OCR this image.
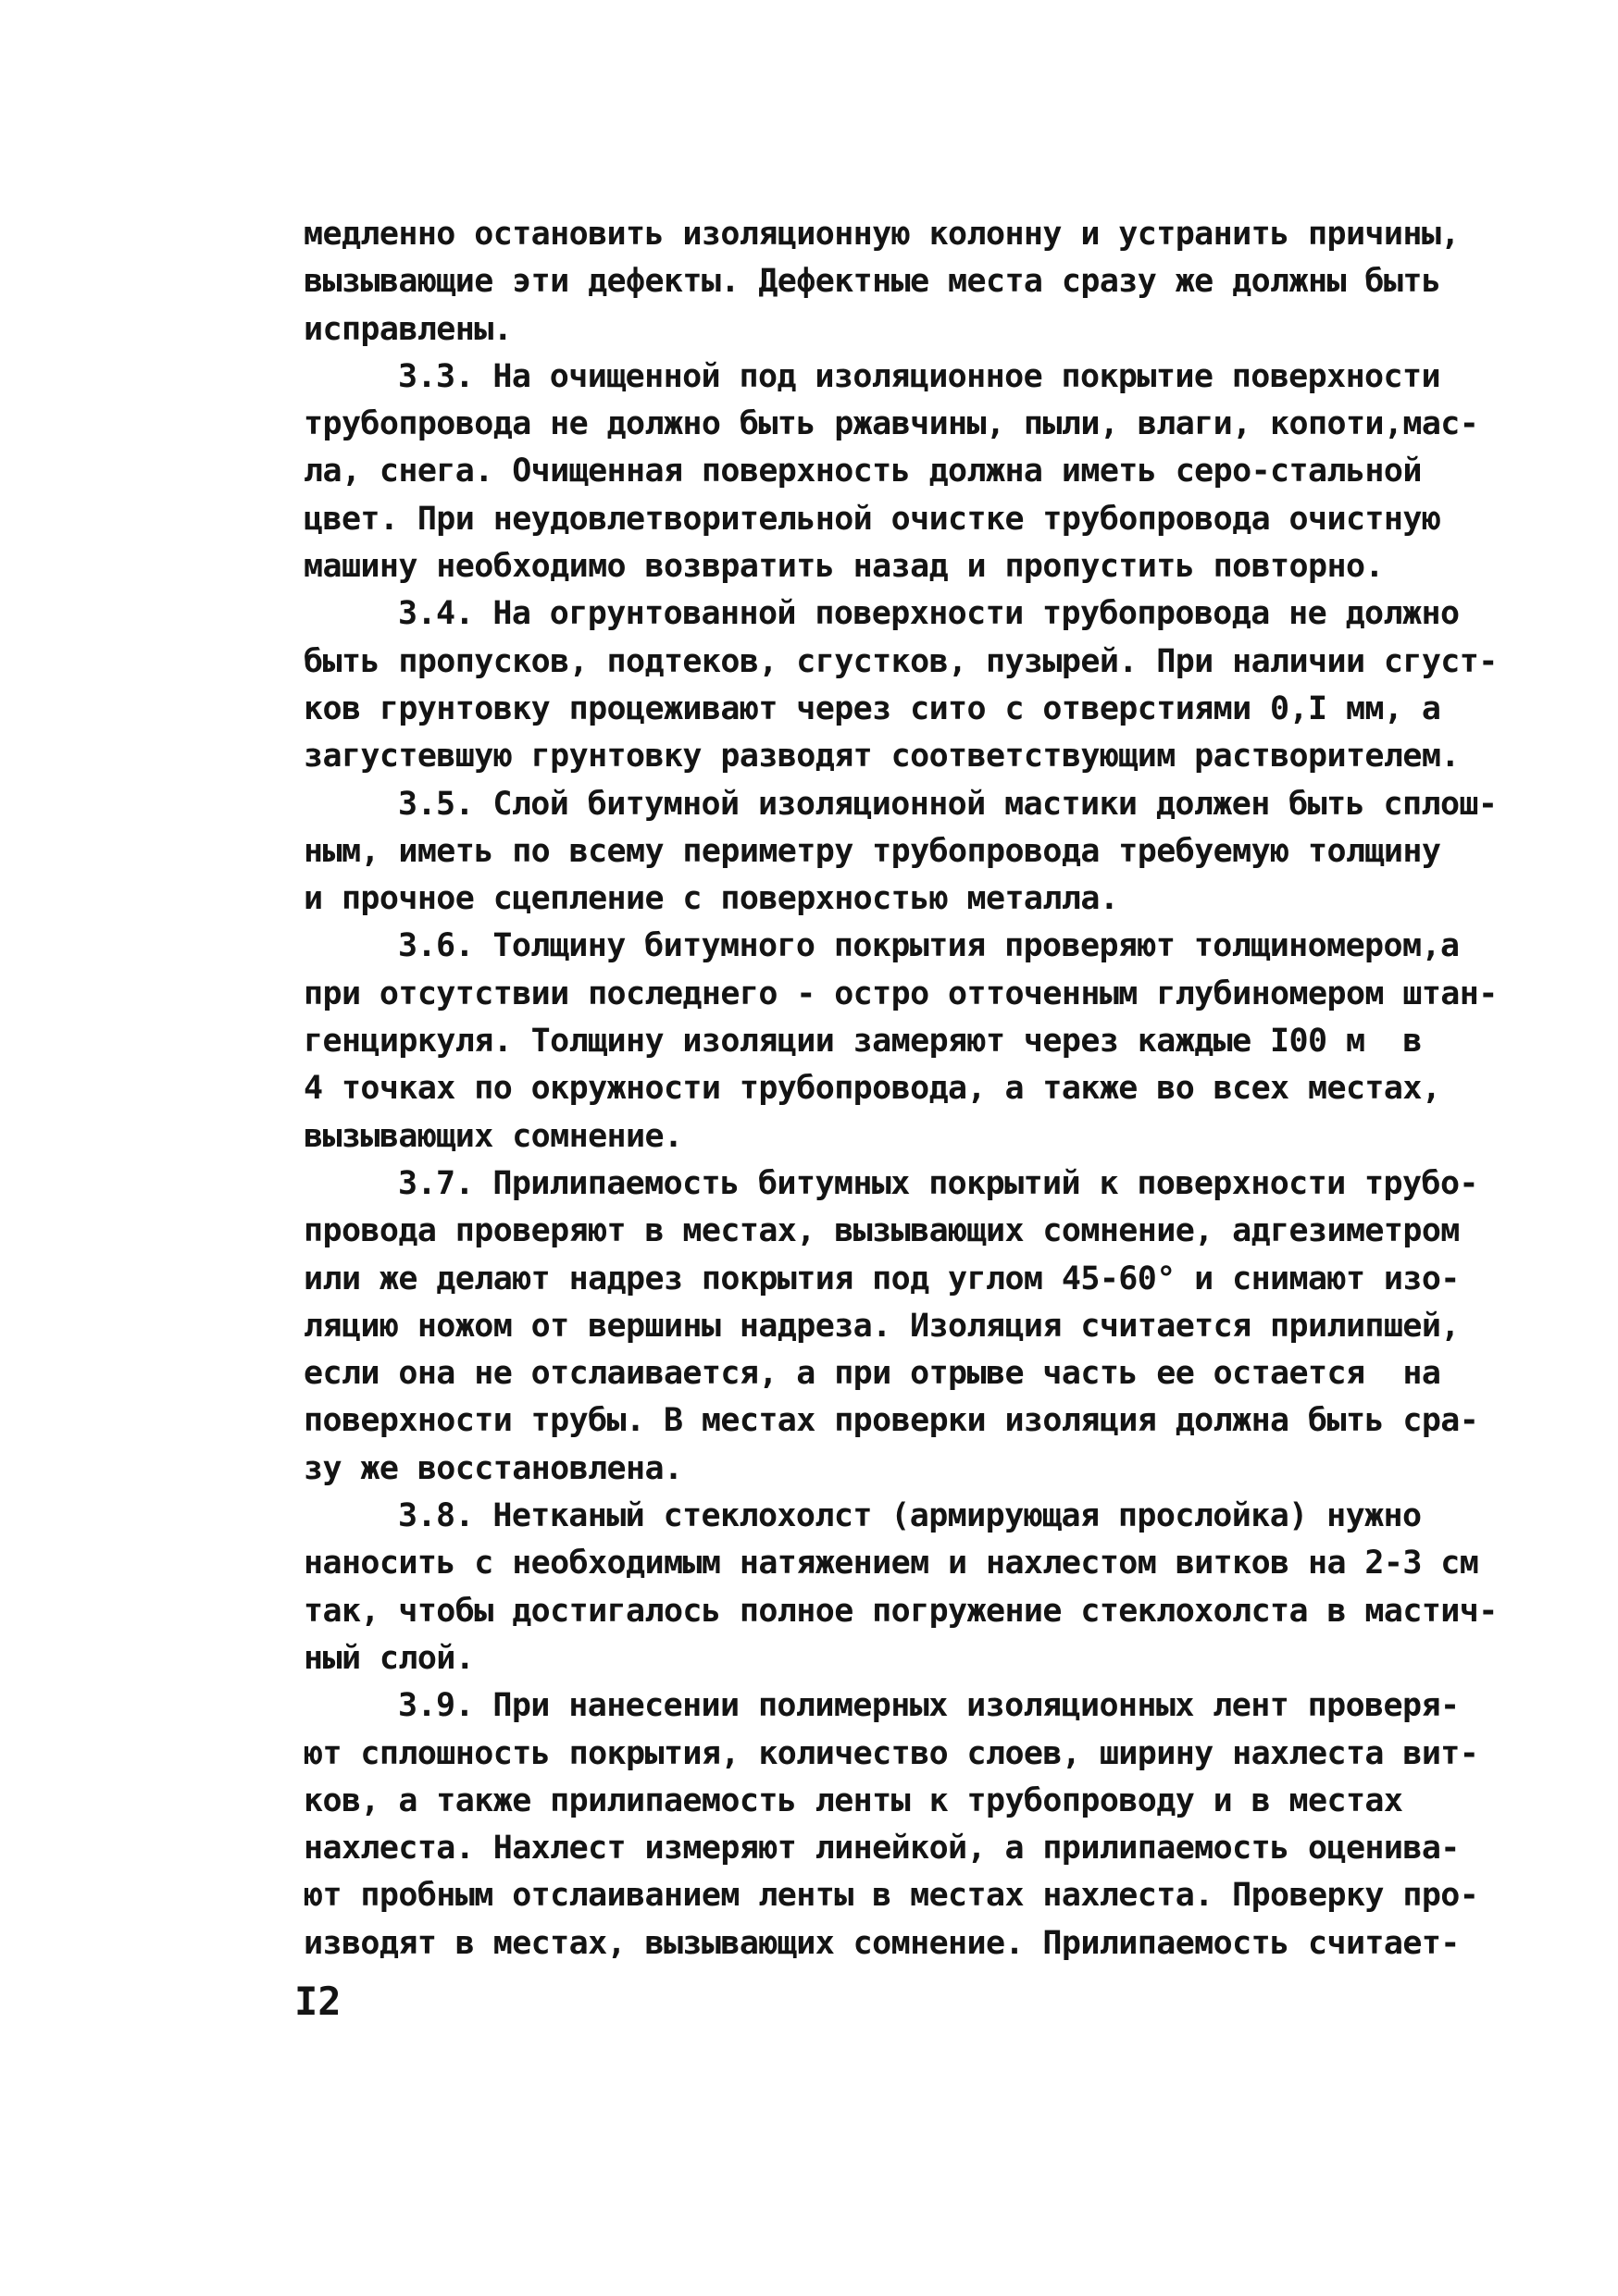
медленно остановить изоляционную колонну и устранить причины,
вызывающие эти дефекты. Дефектные места сразу же должны быть
исправлены.
3.3. На очищенной под изоляционное покрытие поверхности
трубопровода не должно быть ржавчины, пыли, влаги, копоти,мас-
ла, снега. Очищенная поверхность должна иметь серо-стальной
цвет. При неудовлетворительной очистке трубопровода очистную
машину необходимо возвратить назад и пропустить повторно.
3.4. На огрунтованной поверхности трубопровода не должно
быть пропусков, подтеков, сгустков, пузырей. При наличии сгуст-
ков грунтовку процеживают через сито с отверстиями 0,I мм, а
загустевшую грунтовку разводят соответствующим растворителем.
3.5. Слой битумной изоляционной мастики должен быть сплош-
ным, иметь по всему периметру трубопровода требуемую толщину
и прочное сцепление с поверхностью металла.
3.6. Толщину битумного покрытия проверяют толщиномером,а
при отсутствии последнего - остро отточенным глубиномером штан-
генциркуля. Толщину изоляции замеряют через каждые I00 м  в
4 точках по окружности трубопровода, а также во всех местах,
вызывающих сомнение.
3.7. Прилипаемость битумных покрытий к поверхности трубо-
провода проверяют в местах, вызывающих сомнение, адгезиметром
или же делают надрез покрытия под углом 45-60° и снимают изо-
ляцию ножом от вершины надреза. Изоляция считается прилипшей,
если она не отслаивается, а при отрыве часть ее остается  на
поверхности трубы. В местах проверки изоляция должна быть сра-
зу же восстановлена.
3.8. Нетканый стеклохолст (армирующая прослойка) нужно
наносить с необходимым натяжением и нахлестом витков на 2-3 см
так, чтобы достигалось полное погружение стеклохолста в мастич-
ный слой.
3.9. При нанесении полимерных изоляционных лент проверя-
ют сплошность покрытия, количество слоев, ширину нахлеста вит-
ков, а также прилипаемость ленты к трубопроводу и в местах
нахлеста. Нахлест измеряют линейкой, а прилипаемость оценива-
ют пробным отслаиванием ленты в местах нахлеста. Проверку про-
изводят в местах, вызывающих сомнение. Прилипаемость считает-
I2
